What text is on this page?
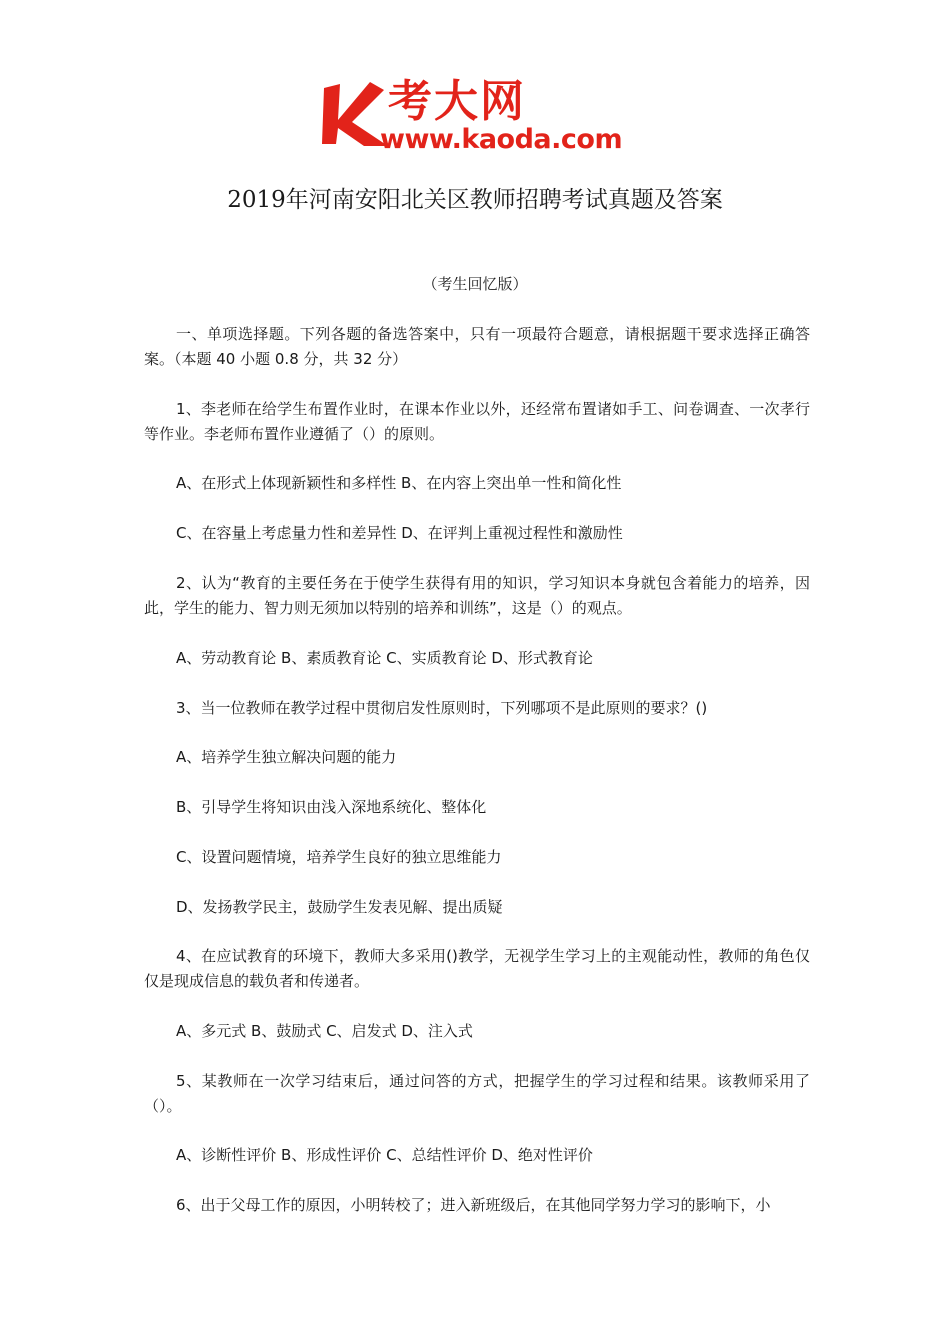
考大网
www.kaoda.com
2019年河南安阳北关区教师招聘考试真题及答案
（考生回忆版）

一、单项选择题。下列各题的备选答案中，只有一项最符合题意，请根据题干要求选择正确答案。（本题 40 小题 0.8 分，共 32 分）

1、李老师在给学生布置作业时，在课本作业以外，还经常布置诸如手工、问卷调查、一次孝行等作业。李老师布置作业遵循了（）的原则。

A、在形式上体现新颖性和多样性 B、在内容上突出单一性和简化性

C、在容量上考虑量力性和差异性 D、在评判上重视过程性和激励性

2、认为“教育的主要任务在于使学生获得有用的知识，学习知识本身就包含着能力的培养，因此，学生的能力、智力则无须加以特别的培养和训练”，这是（）的观点。

A、劳动教育论 B、素质教育论 C、实质教育论 D、形式教育论

3、当一位教师在教学过程中贯彻启发性原则时，下列哪项不是此原则的要求？()

A、培养学生独立解决问题的能力

B、引导学生将知识由浅入深地系统化、整体化

C、设置问题情境，培养学生良好的独立思维能力

D、发扬教学民主，鼓励学生发表见解、提出质疑

4、在应试教育的环境下，教师大多采用()教学，无视学生学习上的主观能动性，教师的角色仅仅是现成信息的载负者和传递者。

A、多元式 B、鼓励式 C、启发式 D、注入式

5、某教师在一次学习结束后，通过问答的方式，把握学生的学习过程和结果。该教师采用了（）。

A、诊断性评价 B、形成性评价 C、总结性评价 D、绝对性评价

6、出于父母工作的原因，小明转校了；进入新班级后，在其他同学努力学习的影响下，小
